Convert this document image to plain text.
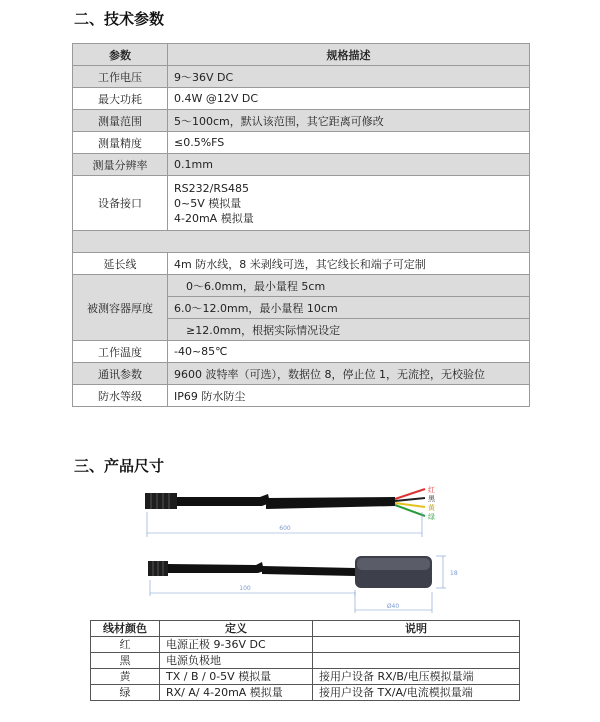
二、技术参数
参数	规格描述
工作电压	9～36V DC
最大功耗	0.4W @12V DC
测量范围	5～100cm，默认该范围，其它距离可修改
测量精度	≤0.5%FS
测量分辨率	0.1mm
设备接口	RS232/RS485
0~5V 模拟量
4-20mA 模拟量

延长线	4m 防水线，8 米剥线可选，其它线长和端子可定制
被测容器厚度	0～6.0mm，最小量程 5cm
	6.0～12.0mm，最小量程 10cm
	≥12.0mm，根据实际情况设定
工作温度	-40~85℃
通讯参数	9600 波特率（可选），数据位 8，停止位 1，无流控，无校验位
防水等级	IP69 防水防尘
三、产品尺寸
红
黑
黄
绿
600
100
Ø40
18
线材颜色	定义	说明
红	电源正极 9-36V DC	
黑	电源负极地	
黄	TX / B / 0-5V 模拟量	接用户设备 RX/B/电压模拟量端
绿	RX/ A/ 4-20mA 模拟量	接用户设备 TX/A/电流模拟量端
